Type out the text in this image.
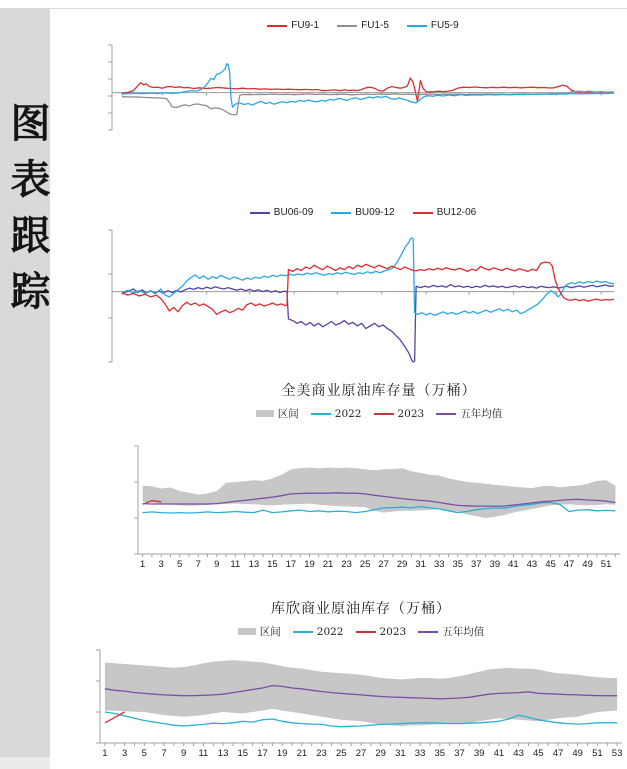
图表跟踪
FU9-1	FU1-5	FU5-9
BU06-09	BU09-12	BU12-06
全美商业原油库存量（万桶）
区间	2022	2023	五年均值
1	3	5	7	9	11 13 15 17 19 21 23 25 27 29 31 33 35 37 39 41 43 45 47 49 51
库欣商业原油库存（万桶）
区间	2022	2023	五年均值
1	3	5	7	9	11 13 15 17 19 21 23 25 27 29 31 33 35 37 39 41 43 45 47 49 51 53
